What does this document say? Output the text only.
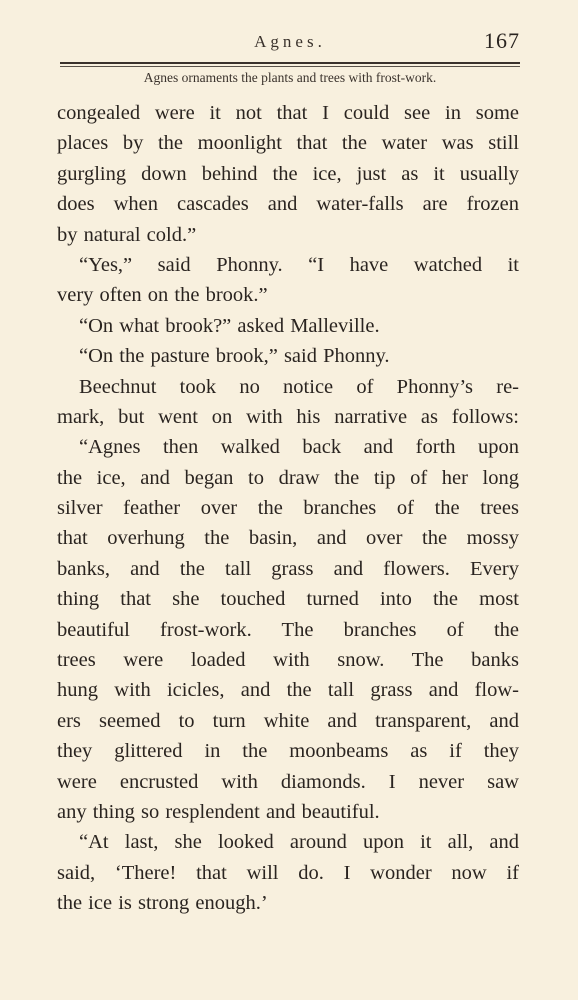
Agnes.	167
Agnes ornaments the plants and trees with frost-work.
congealed were it not that I could see in some
places by the moonlight that the water was still
gurgling down behind the ice, just as it usually
does when cascades and water-falls are frozen
by natural cold.”
“Yes,” said Phonny. “I have watched it
very often on the brook.”
“On what brook?” asked Malleville.
“On the pasture brook,” said Phonny.
Beechnut took no notice of Phonny’s re-
mark, but went on with his narrative as follows:
“Agnes then walked back and forth upon
the ice, and began to draw the tip of her long
silver feather over the branches of the trees
that overhung the basin, and over the mossy
banks, and the tall grass and flowers. Every
thing that she touched turned into the most
beautiful frost-work. The branches of the
trees were loaded with snow. The banks
hung with icicles, and the tall grass and flow-
ers seemed to turn white and transparent, and
they glittered in the moonbeams as if they
were encrusted with diamonds. I never saw
any thing so resplendent and beautiful.
“At last, she looked around upon it all, and
said, ‘There! that will do. I wonder now if
the ice is strong enough.’
